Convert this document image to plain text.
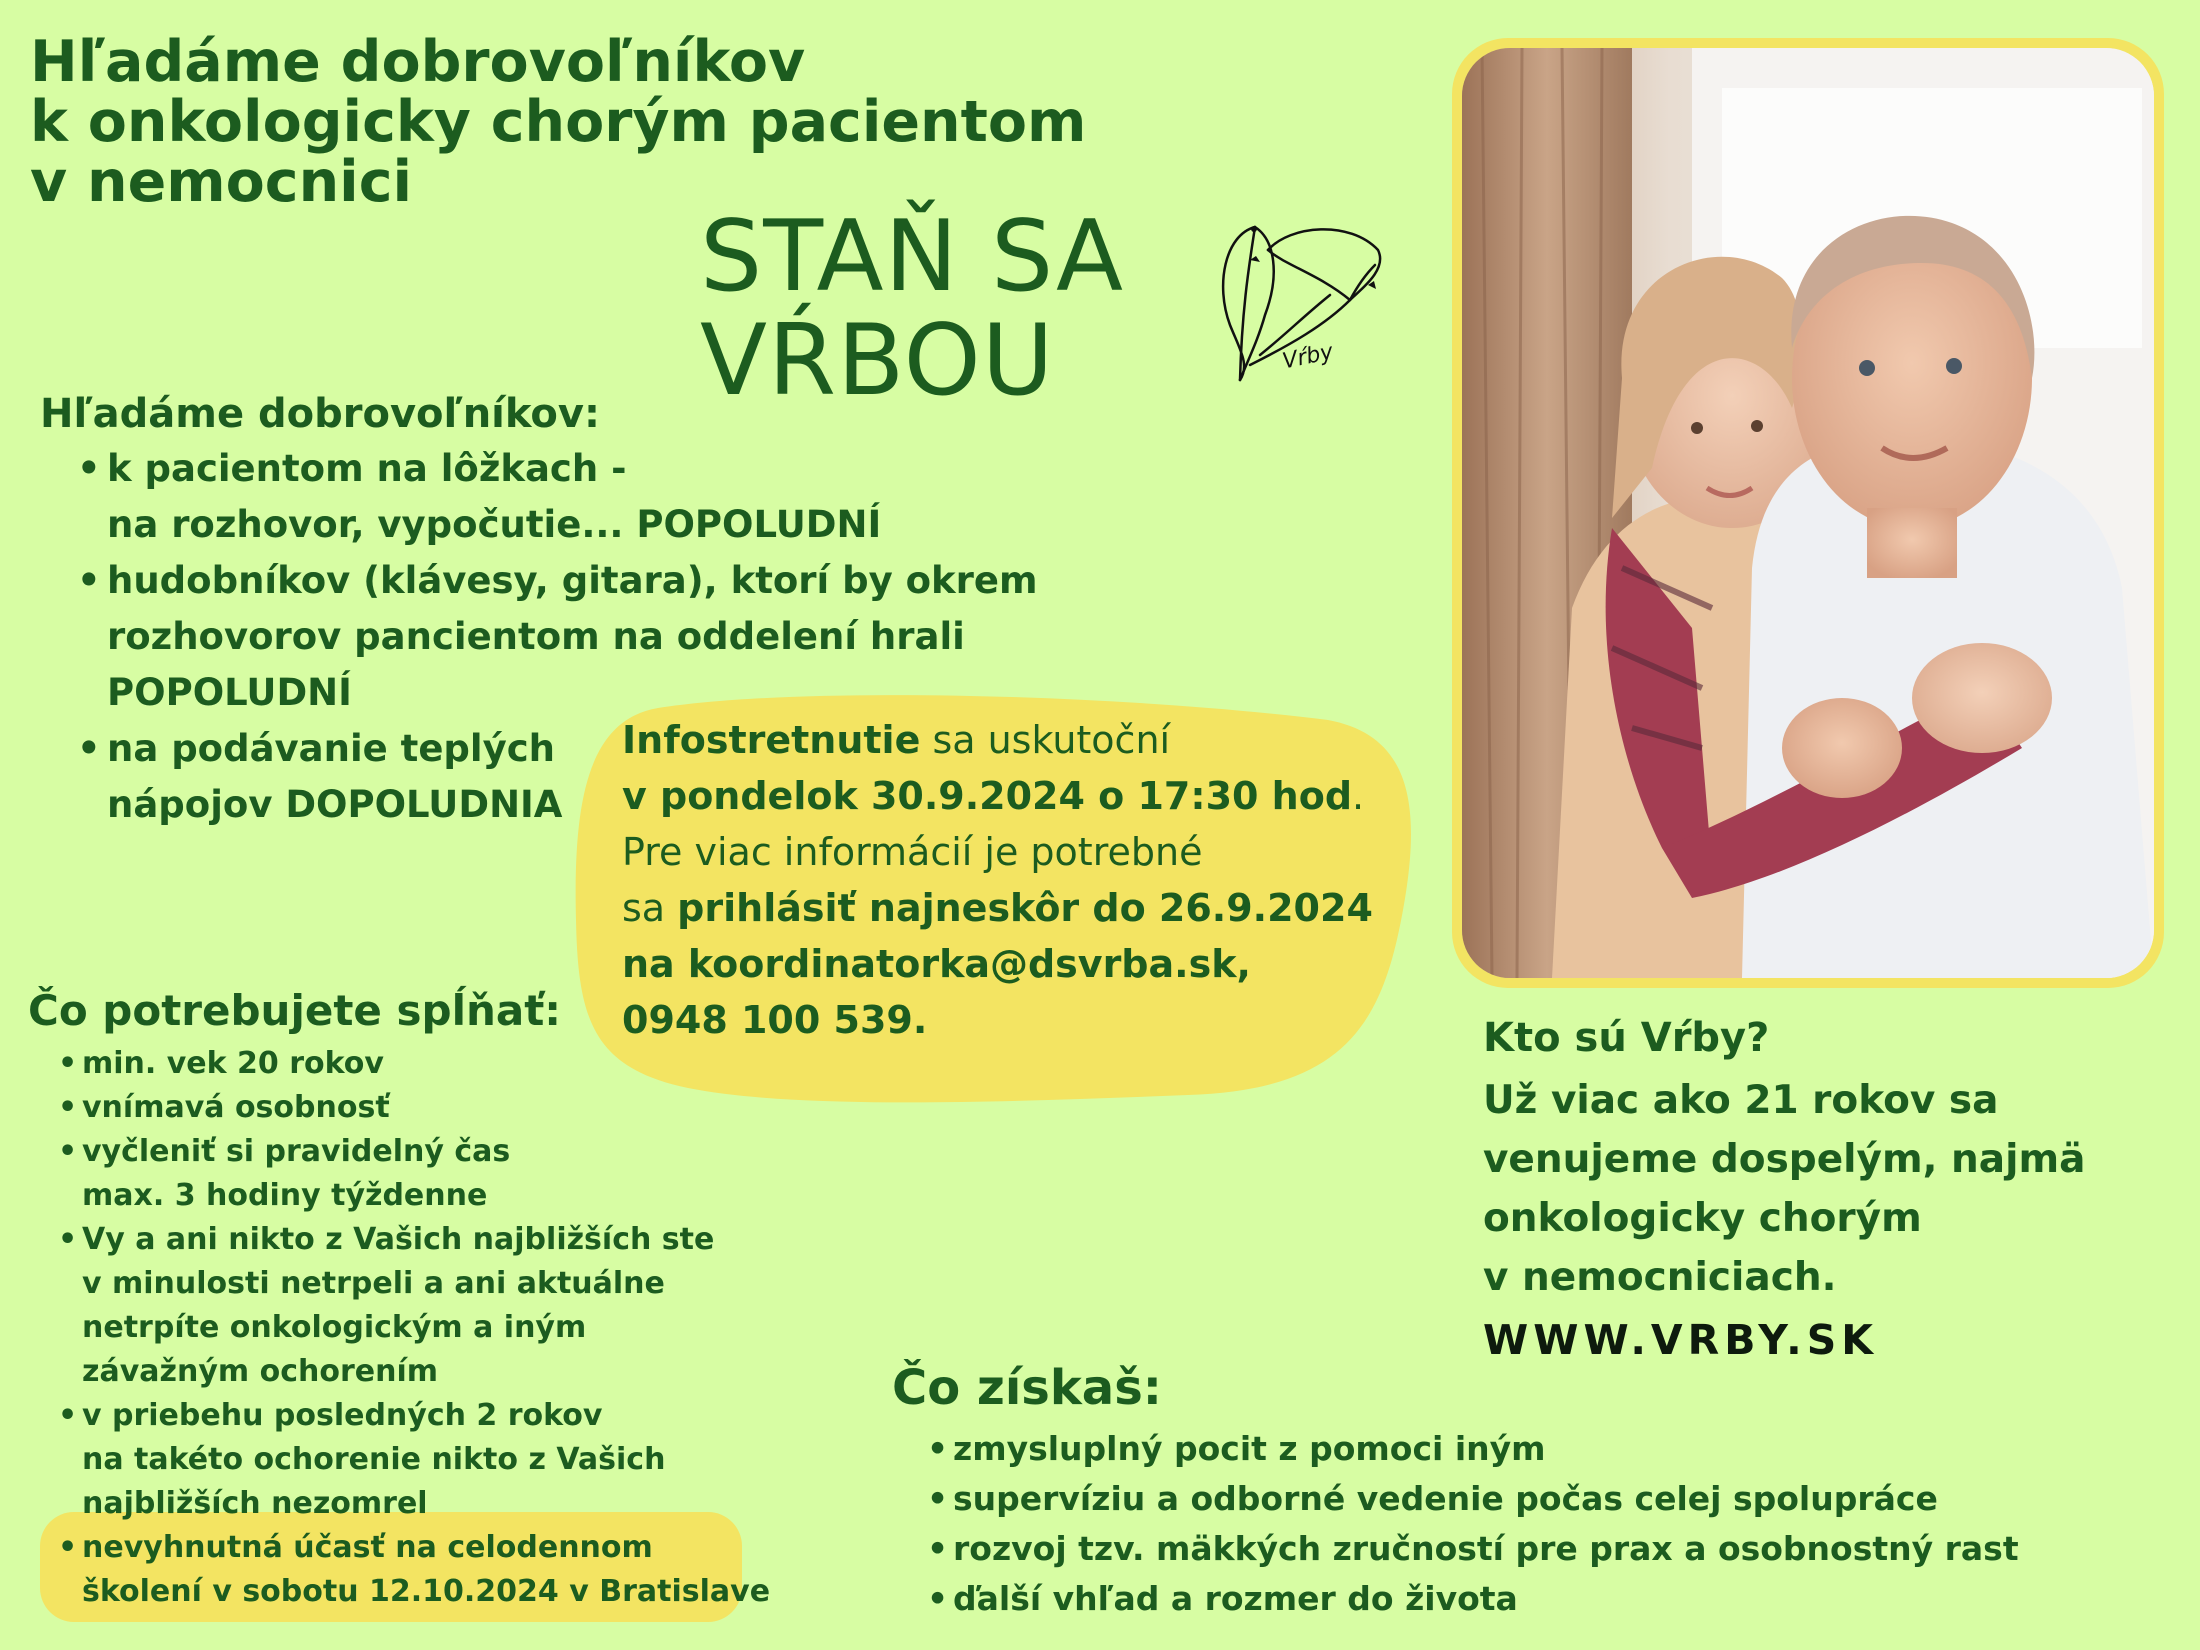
Hľadáme dobrovoľníkov
k onkologicky chorým pacientom
v nemocnici
STAŇ SA
VŔBOU	Vŕby
Hľadáme dobrovoľníkov:
• k pacientom na lôžkach -
na rozhovor, vypočutie... POPOLUDNÍ
• hudobníkov (klávesy, gitara), ktorí by okrem
rozhovorov pancientom na oddelení hrali
POPOLUDNÍ
• na podávanie teplých
nápojov DOPOLUDNIA
Infostretnutie sa uskutoční
v pondelok 30.9.2024 o 17:30 hod.
Pre viac informácií je potrebné
sa prihlásiť najneskôr do 26.9.2024
na koordinatorka@dsvrba.sk,
0948 100 539.
Čo potrebujete spĺňať:
• min. vek 20 rokov
• vnímavá osobnosť
• vyčleniť si pravidelný čas
max. 3 hodiny týždenne
• Vy a ani nikto z Vašich najbližších ste
v minulosti netrpeli a ani aktuálne
netrpíte onkologickým a iným
závažným ochorením
• v priebehu posledných 2 rokov
na takéto ochorenie nikto z Vašich
najbližších nezomrel
• nevyhnutná účasť na celodennom
školení v sobotu 12.10.2024 v Bratislave
Kto sú Vŕby?
Už viac ako 21 rokov sa
venujeme dospelým, najmä
onkologicky chorým
v nemocniciach.
WWW.VRBY.SK
Čo získaš:
• zmysluplný pocit z pomoci iným
• supervíziu a odborné vedenie počas celej spolupráce
• rozvoj tzv. mäkkých zručností pre prax a osobnostný rast
• ďalší vhľad a rozmer do života
